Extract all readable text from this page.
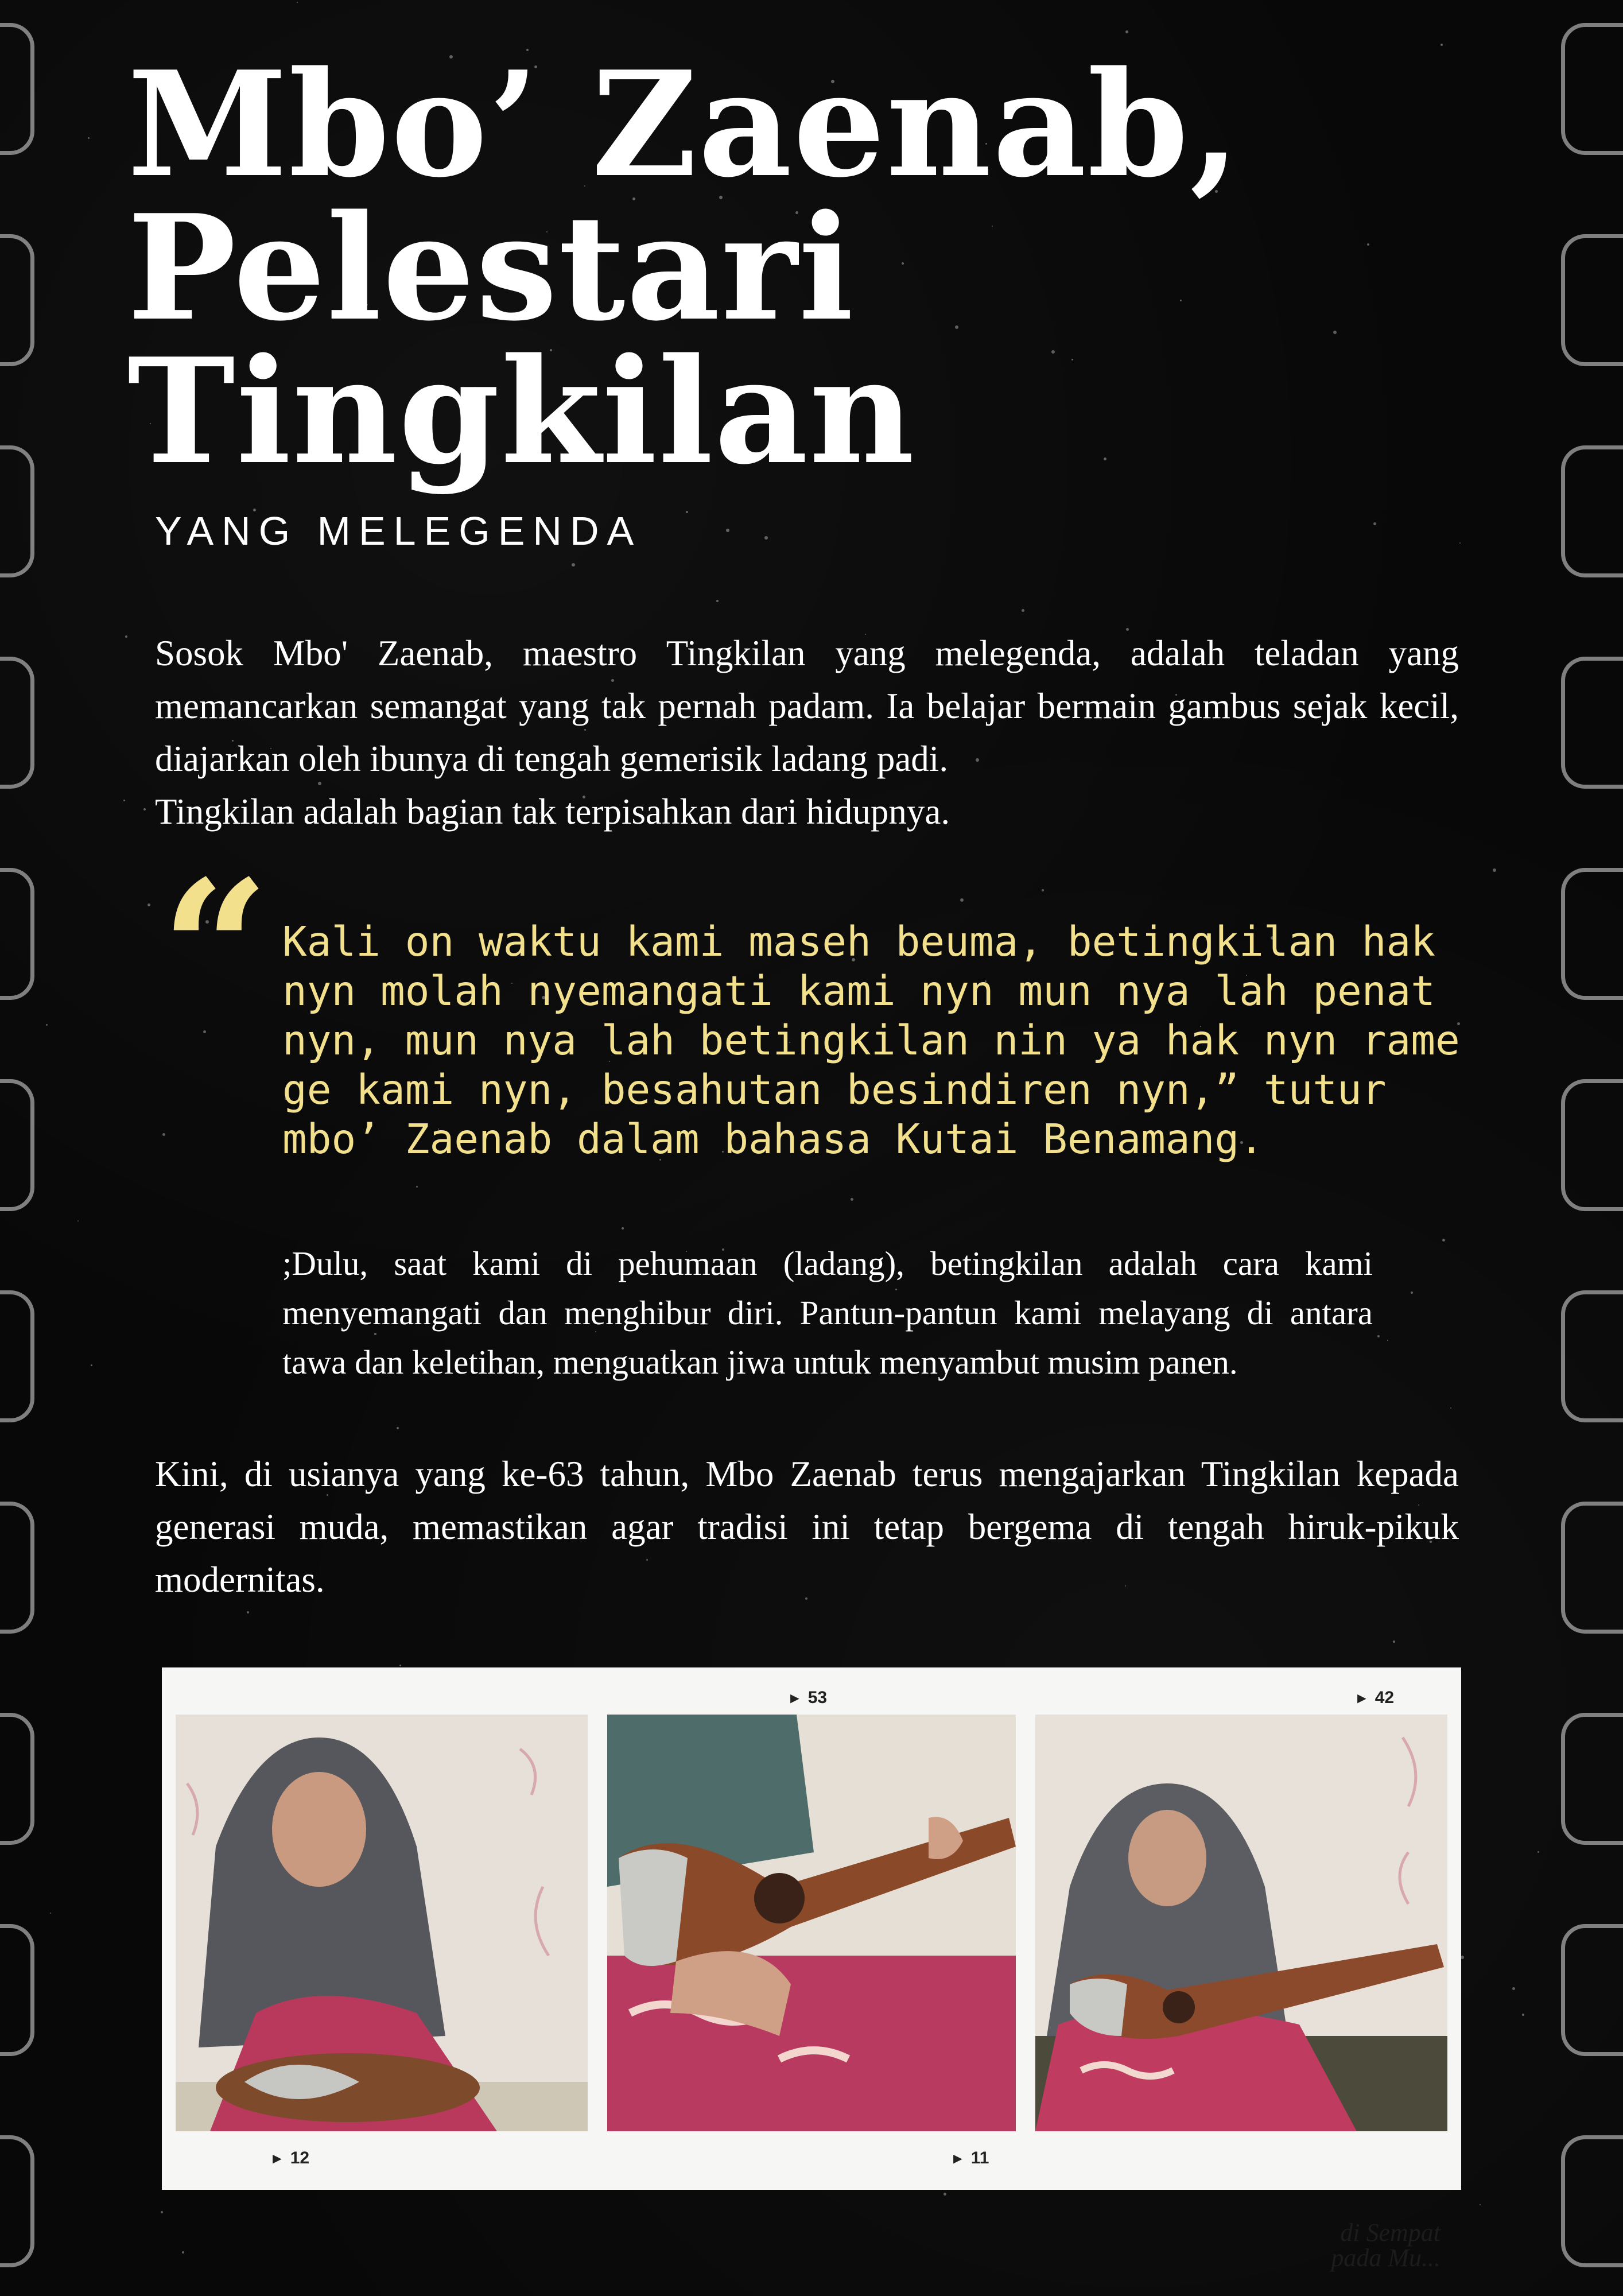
Mbo’ Zaenab,
Pelestari
Tingkilan

YANG MELEGENDA

Sosok Mbo' Zaenab, maestro Tingkilan yang melegenda, adalah teladan yang memancarkan semangat yang tak pernah padam. Ia belajar bermain gambus sejak kecil, diajarkan oleh ibunya di tengah gemerisik ladang padi.

Tingkilan adalah bagian tak terpisahkan dari hidupnya.

“ Kali on waktu kami maseh beuma, betingkilan hak nyn molah nyemangati kami nyn mun nya lah penat nyn, mun nya lah betingkilan nin ya hak nyn rame ge kami nyn, besahutan besindiren nyn,” tutur mbo’ Zaenab dalam bahasa Kutai Benamang.

;Dulu, saat kami di pehumaan (ladang), betingkilan adalah cara kami menyemangati dan menghibur diri. Pantun-pantun kami melayang di antara tawa dan keletihan, menguatkan jiwa untuk menyambut musim panen.

Kini, di usianya yang ke-63 tahun, Mbo Zaenab terus mengajarkan Tingkilan kepada generasi muda, memastikan agar tradisi ini tetap bergema di tengah hiruk-pikuk modernitas.

► 53	► 42
► 12	► 11
di Sempat
pada Mu...
